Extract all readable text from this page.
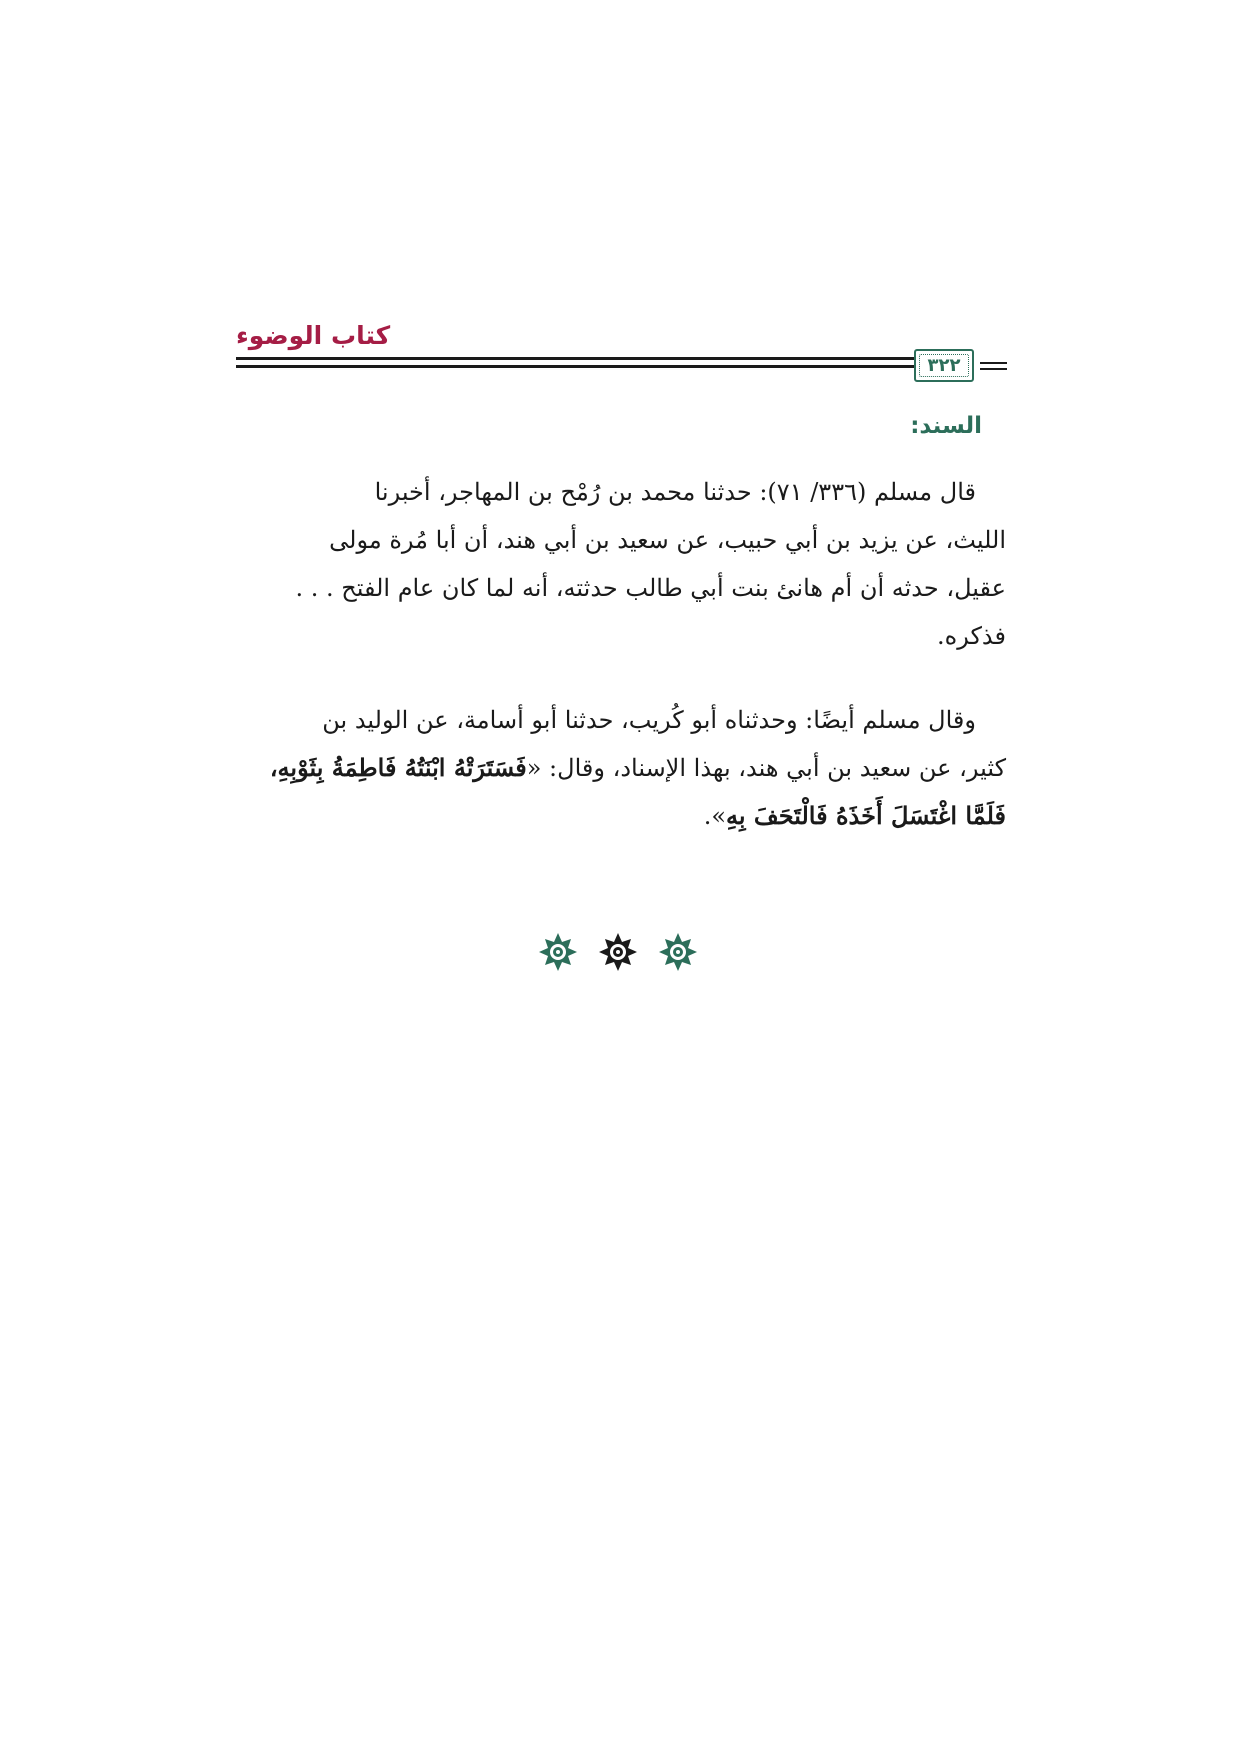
كتاب الوضوء
٣٢٢
السند:
قال مسلم (٣٣٦/ ٧١): حدثنا محمد بن رُمْح بن المهاجر، أخبرنا
الليث، عن يزيد بن أبي حبيب، عن سعيد بن أبي هند، أن أبا مُرة مولى
عقيل، حدثه أن أم هانئ بنت أبي طالب حدثته، أنه لما كان عام الفتح . . .
فذكره.
وقال مسلم أيضًا: وحدثناه أبو كُريب، حدثنا أبو أسامة، عن الوليد بن
كثير، عن سعيد بن أبي هند، بهذا الإسناد، وقال: «فَسَتَرَتْهُ ابْنَتُهُ فَاطِمَةُ بِثَوْبِهِ،
فَلَمَّا اغْتَسَلَ أَخَذَهُ فَالْتَحَفَ بِهِ».
